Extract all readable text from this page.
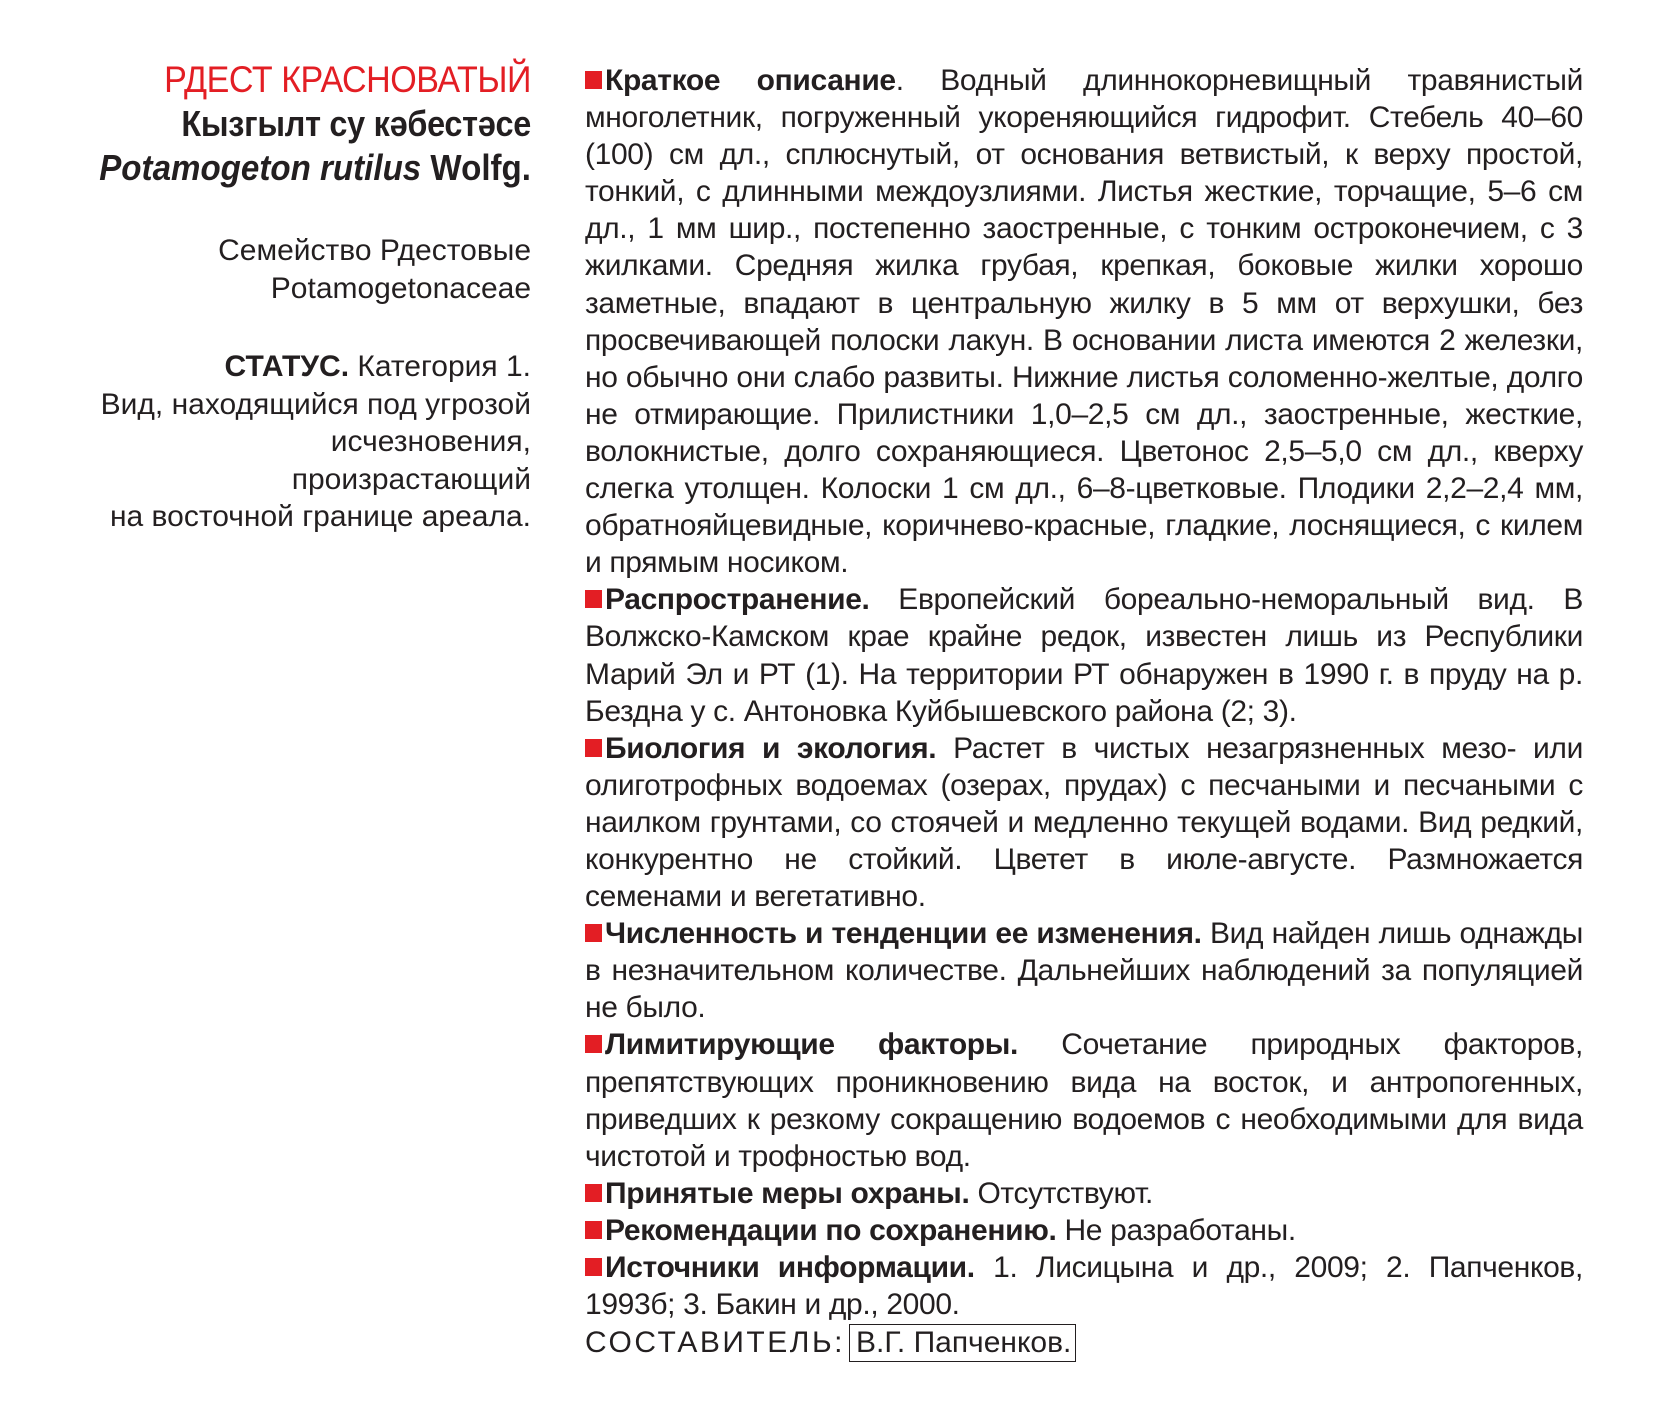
РДЕСТ КРАСНОВАТЫЙ
Кызгылт су кәбестәсе
Potamogeton rutilus Wolfg.
Семейство Рдестовые
Potamogetonaceae
СТАТУС. Категория 1.
Вид, находящийся под угрозой
исчезновения,
произрастающий
на восточной границе ареала.

Краткое описание. Водный длиннокорневищный травянистый многолетник, погруженный укореняющийся гидрофит. Стебель 40–60 (100) см дл., сплюснутый, от основания ветвистый, к верху простой, тонкий, с длинными междоузлиями. Листья жесткие, торчащие, 5–6 см дл., 1 мм шир., постепенно заостренные, с тонким остроконечием, с 3 жилками. Средняя жилка грубая, крепкая, боковые жилки хорошо заметные, впадают в центральную жилку в 5 мм от верхушки, без просвечивающей полоски лакун. В основании листа имеются 2 железки, но обычно они слабо развиты. Нижние листья соломенно-желтые, долго не отмирающие. Прилистники 1,0–2,5 см дл., заостренные, жесткие, волокнистые, долго сохраняющиеся. Цветонос 2,5–5,0 см дл., кверху слегка утолщен. Колоски 1 см дл., 6–8-цветковые. Плодики 2,2–2,4 мм, обратнояйцевидные, коричнево-красные, гладкие, лоснящиеся, с килем и прямым носиком.

Распространение. Европейский бореально-неморальный вид. В Волжско-Камском крае крайне редок, известен лишь из Республики Марий Эл и РТ (1). На территории РТ обнаружен в 1990 г. в пруду на р. Бездна у с. Антоновка Куйбышевского района (2; 3).

Биология и экология. Растет в чистых незагрязненных мезо- или олиготрофных водоемах (озерах, прудах) с песчаными и песчаными с наилком грунтами, со стоячей и медленно текущей водами. Вид редкий, конкурентно не стойкий. Цветет в июле-августе. Размножается семенами и вегетативно.

Численность и тенденции ее изменения. Вид найден лишь однажды в незначительном количестве. Дальнейших наблюдений за популяцией не было.

Лимитирующие факторы. Сочетание природных факторов, препятствующих проникновению вида на восток, и антропогенных, приведших к резкому сокращению водоемов с необходимыми для вида чистотой и трофностью вод.

Принятые меры охраны. Отсутствуют.

Рекомендации по сохранению. Не разработаны.

Источники информации. 1. Лисицына и др., 2009; 2. Папченков, 1993б; 3. Бакин и др., 2000.

СОСТАВИТЕЛЬ: В.Г. Папченков.
